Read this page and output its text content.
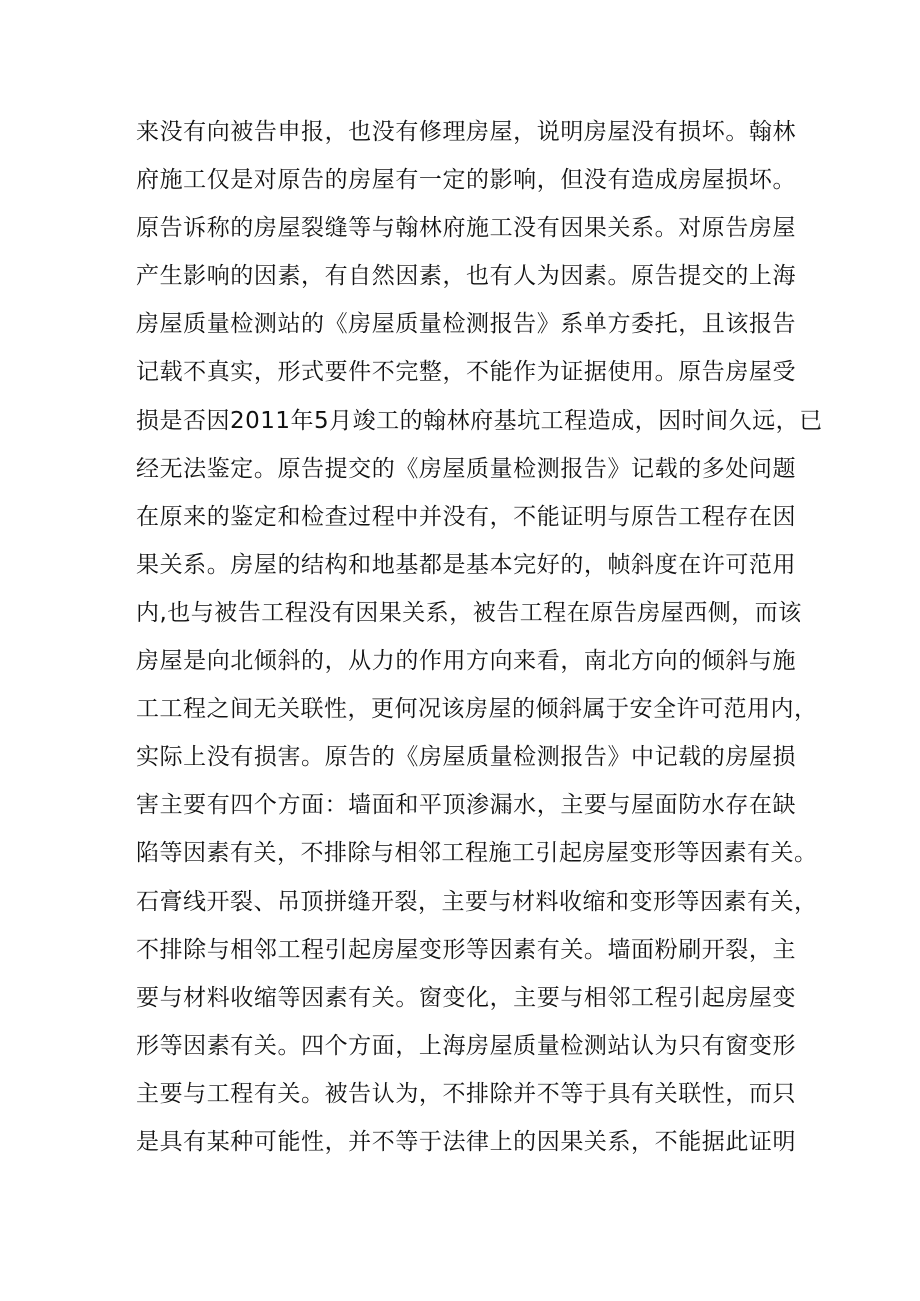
来没有向被告申报，也没有修理房屋，说明房屋没有损坏。翰林
府施工仅是对原告的房屋有一定的影响，但没有造成房屋损坏。
原告诉称的房屋裂缝等与翰林府施工没有因果关系。对原告房屋
产生影响的因素，有自然因素，也有人为因素。原告提交的上海
房屋质量检测站的《房屋质量检测报告》系单方委托，且该报告
记载不真实，形式要件不完整，不能作为证据使用。原告房屋受
损是否因2011年5月竣工的翰林府基坑工程造成，因时间久远，已
经无法鉴定。原告提交的《房屋质量检测报告》记载的多处问题
在原来的鉴定和检查过程中并没有，不能证明与原告工程存在因
果关系。房屋的结构和地基都是基本完好的，帧斜度在许可范用
内,也与被告工程没有因果关系，被告工程在原告房屋西侧，而该
房屋是向北倾斜的，从力的作用方向来看，南北方向的倾斜与施
工工程之间无关联性，更何况该房屋的倾斜属于安全许可范用内，
实际上没有损害。原告的《房屋质量检测报告》中记载的房屋损
害主要有四个方面：墙面和平顶渗漏水，主要与屋面防水存在缺
陷等因素有关，不排除与相邻工程施工引起房屋变形等因素有关。
石膏线开裂、吊顶拼缝开裂，主要与材料收缩和变形等因素有关，
不排除与相邻工程引起房屋变形等因素有关。墙面粉刷开裂，主
要与材料收缩等因素有关。窗变化，主要与相邻工程引起房屋变
形等因素有关。四个方面，上海房屋质量检测站认为只有窗变形
主要与工程有关。被告认为，不排除并不等于具有关联性，而只
是具有某种可能性，并不等于法律上的因果关系，不能据此证明
